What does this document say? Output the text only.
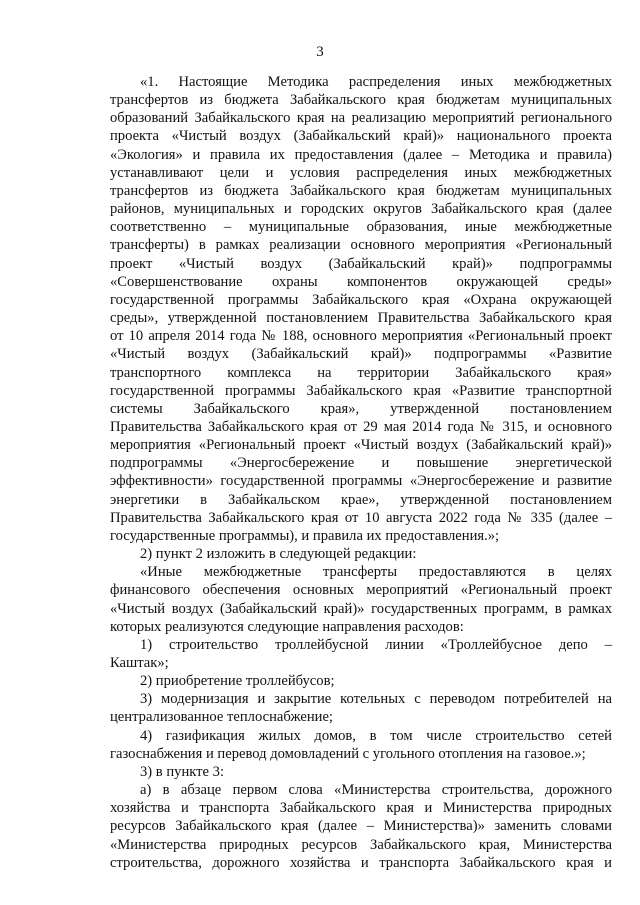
3

«1. Настоящие Методика распределения иных межбюджетных

трансфертов из бюджета Забайкальского края бюджетам муниципальных

образований Забайкальского края на реализацию мероприятий регионального

проекта «Чистый воздух (Забайкальский край)» национального проекта

«Экология» и правила их предоставления (далее – Методика и правила)

устанавливают цели и условия распределения иных межбюджетных

трансфертов из бюджета Забайкальского края бюджетам муниципальных

районов, муниципальных и городских округов Забайкальского края (далее

соответственно – муниципальные образования, иные межбюджетные

трансферты) в рамках реализации основного мероприятия «Региональный

проект «Чистый воздух (Забайкальский край)» подпрограммы

«Совершенствование охраны компонентов окружающей среды»

государственной программы Забайкальского края «Охрана окружающей

среды», утвержденной постановлением Правительства Забайкальского края

от 10 апреля 2014 года № 188, основного мероприятия «Региональный проект

«Чистый воздух (Забайкальский край)» подпрограммы «Развитие

транспортного комплекса на территории Забайкальского края»

государственной программы Забайкальского края «Развитие транспортной

системы Забайкальского края», утвержденной постановлением

Правительства Забайкальского края от 29 мая 2014 года № 315, и основного

мероприятия «Региональный проект «Чистый воздух (Забайкальский край)»

подпрограммы «Энергосбережение и повышение энергетической

эффективности» государственной программы «Энергосбережение и развитие

энергетики в Забайкальском крае», утвержденной постановлением

Правительства Забайкальского края от 10 августа 2022 года № 335 (далее –

государственные программы), и правила их предоставления.»;

2) пункт 2 изложить в следующей редакции:

«Иные межбюджетные трансферты предоставляются в целях

финансового обеспечения основных мероприятий «Региональный проект

«Чистый воздух (Забайкальский край)» государственных программ, в рамках

которых реализуются следующие направления расходов:

1) строительство троллейбусной линии «Троллейбусное депо –

Каштак»;

2) приобретение троллейбусов;

3) модернизация и закрытие котельных с переводом потребителей на

централизованное теплоснабжение;

4) газификация жилых домов, в том числе строительство сетей

газоснабжения и перевод домовладений с угольного отопления на газовое.»;

3) в пункте 3:

а) в абзаце первом слова «Министерства строительства, дорожного

хозяйства и транспорта Забайкальского края и Министерства природных

ресурсов Забайкальского края (далее – Министерства)» заменить словами

«Министерства природных ресурсов Забайкальского края, Министерства

строительства, дорожного хозяйства и транспорта Забайкальского края и
